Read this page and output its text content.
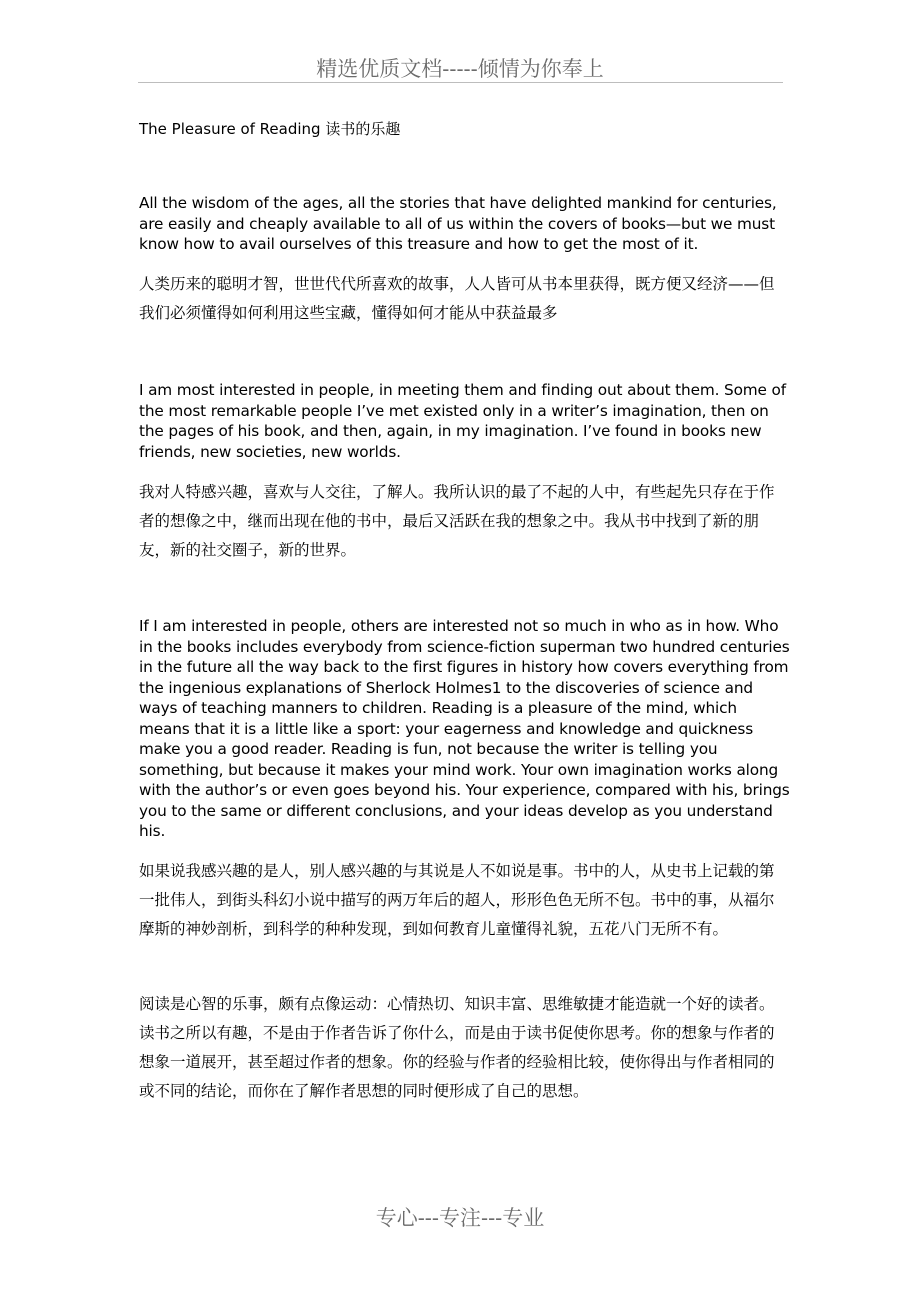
精选优质文档-----倾情为你奉上
The Pleasure of Reading 读书的乐趣

All the wisdom of the ages, all the stories that have delighted mankind for centuries, are easily and cheaply available to all of us within the covers of books—but we must know how to avail ourselves of this treasure and how to get the most of it.

人类历来的聪明才智，世世代代所喜欢的故事，人人皆可从书本里获得，既方便又经济——但我们必须懂得如何利用这些宝藏，懂得如何才能从中获益最多

I am most interested in people, in meeting them and finding out about them. Some of the most remarkable people I’ve met existed only in a writer’s imagination, then on the pages of his book, and then, again, in my imagination. I’ve found in books new friends, new societies, new worlds.

我对人特感兴趣，喜欢与人交往，了解人。我所认识的最了不起的人中，有些起先只存在于作者的想像之中，继而出现在他的书中，最后又活跃在我的想象之中。我从书中找到了新的朋友，新的社交圈子，新的世界。

If I am interested in people, others are interested not so much in who as in how. Who in the books includes everybody from science-fiction superman two hundred centuries in the future all the way back to the first figures in history how covers everything from the ingenious explanations of Sherlock Holmes1 to the discoveries of science and ways of teaching manners to children. Reading is a pleasure of the mind, which means that it is a little like a sport: your eagerness and knowledge and quickness make you a good reader. Reading is fun, not because the writer is telling you something, but because it makes your mind work. Your own imagination works along with the author’s or even goes beyond his. Your experience, compared with his, brings you to the same or different conclusions, and your ideas develop as you understand his.

如果说我感兴趣的是人，别人感兴趣的与其说是人不如说是事。书中的人，从史书上记载的第一批伟人，到街头科幻小说中描写的两万年后的超人，形形色色无所不包。书中的事，从福尔摩斯的神妙剖析，到科学的种种发现，到如何教育儿童懂得礼貌，五花八门无所不有。

阅读是心智的乐事，颇有点像运动：心情热切、知识丰富、思维敏捷才能造就一个好的读者。读书之所以有趣，不是由于作者告诉了你什么，而是由于读书促使你思考。你的想象与作者的想象一道展开，甚至超过作者的想象。你的经验与作者的经验相比较，使你得出与作者相同的或不同的结论，而你在了解作者思想的同时便形成了自己的思想。

专心---专注---专业
